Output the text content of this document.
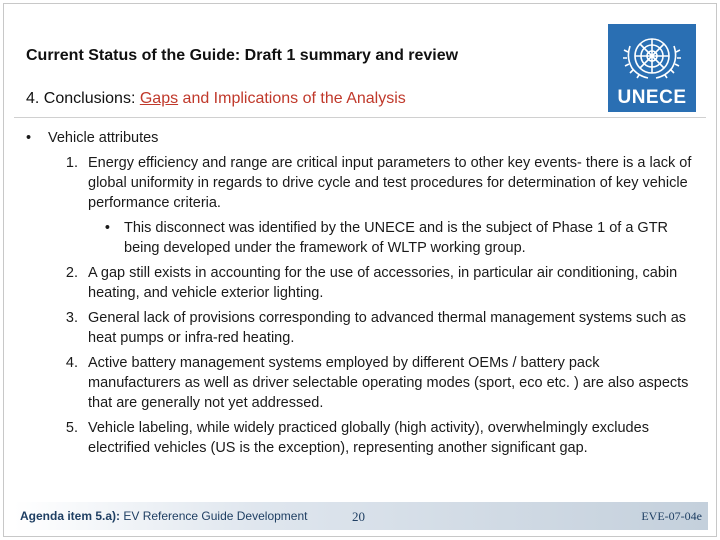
Current Status of the Guide: Draft 1 summary and review
4. Conclusions: Gaps and Implications of the Analysis	UNECE
•	Vehicle attributes
1. Energy efficiency and range are critical input parameters to other key events- there is a lack of global uniformity in regards to drive cycle and test procedures for determination of key vehicle performance criteria.
• This disconnect was identified by the UNECE and is the subject of Phase 1 of a GTR being developed under the framework of WLTP working group.
2. A gap still exists in accounting for the use of accessories, in particular air conditioning, cabin heating, and vehicle exterior lighting.
3. General lack of provisions corresponding to advanced thermal management systems such as heat pumps or infra-red heating.
4. Active battery management systems employed by different OEMs / battery pack manufacturers as well as driver selectable operating modes (sport, eco etc. ) are also aspects that are generally not yet addressed.
5. Vehicle labeling, while widely practiced globally (high activity), overwhelmingly excludes electrified vehicles (US is the exception), representing another significant gap.
Agenda item 5.a): EV Reference Guide Development	20	EVE-07-04e
